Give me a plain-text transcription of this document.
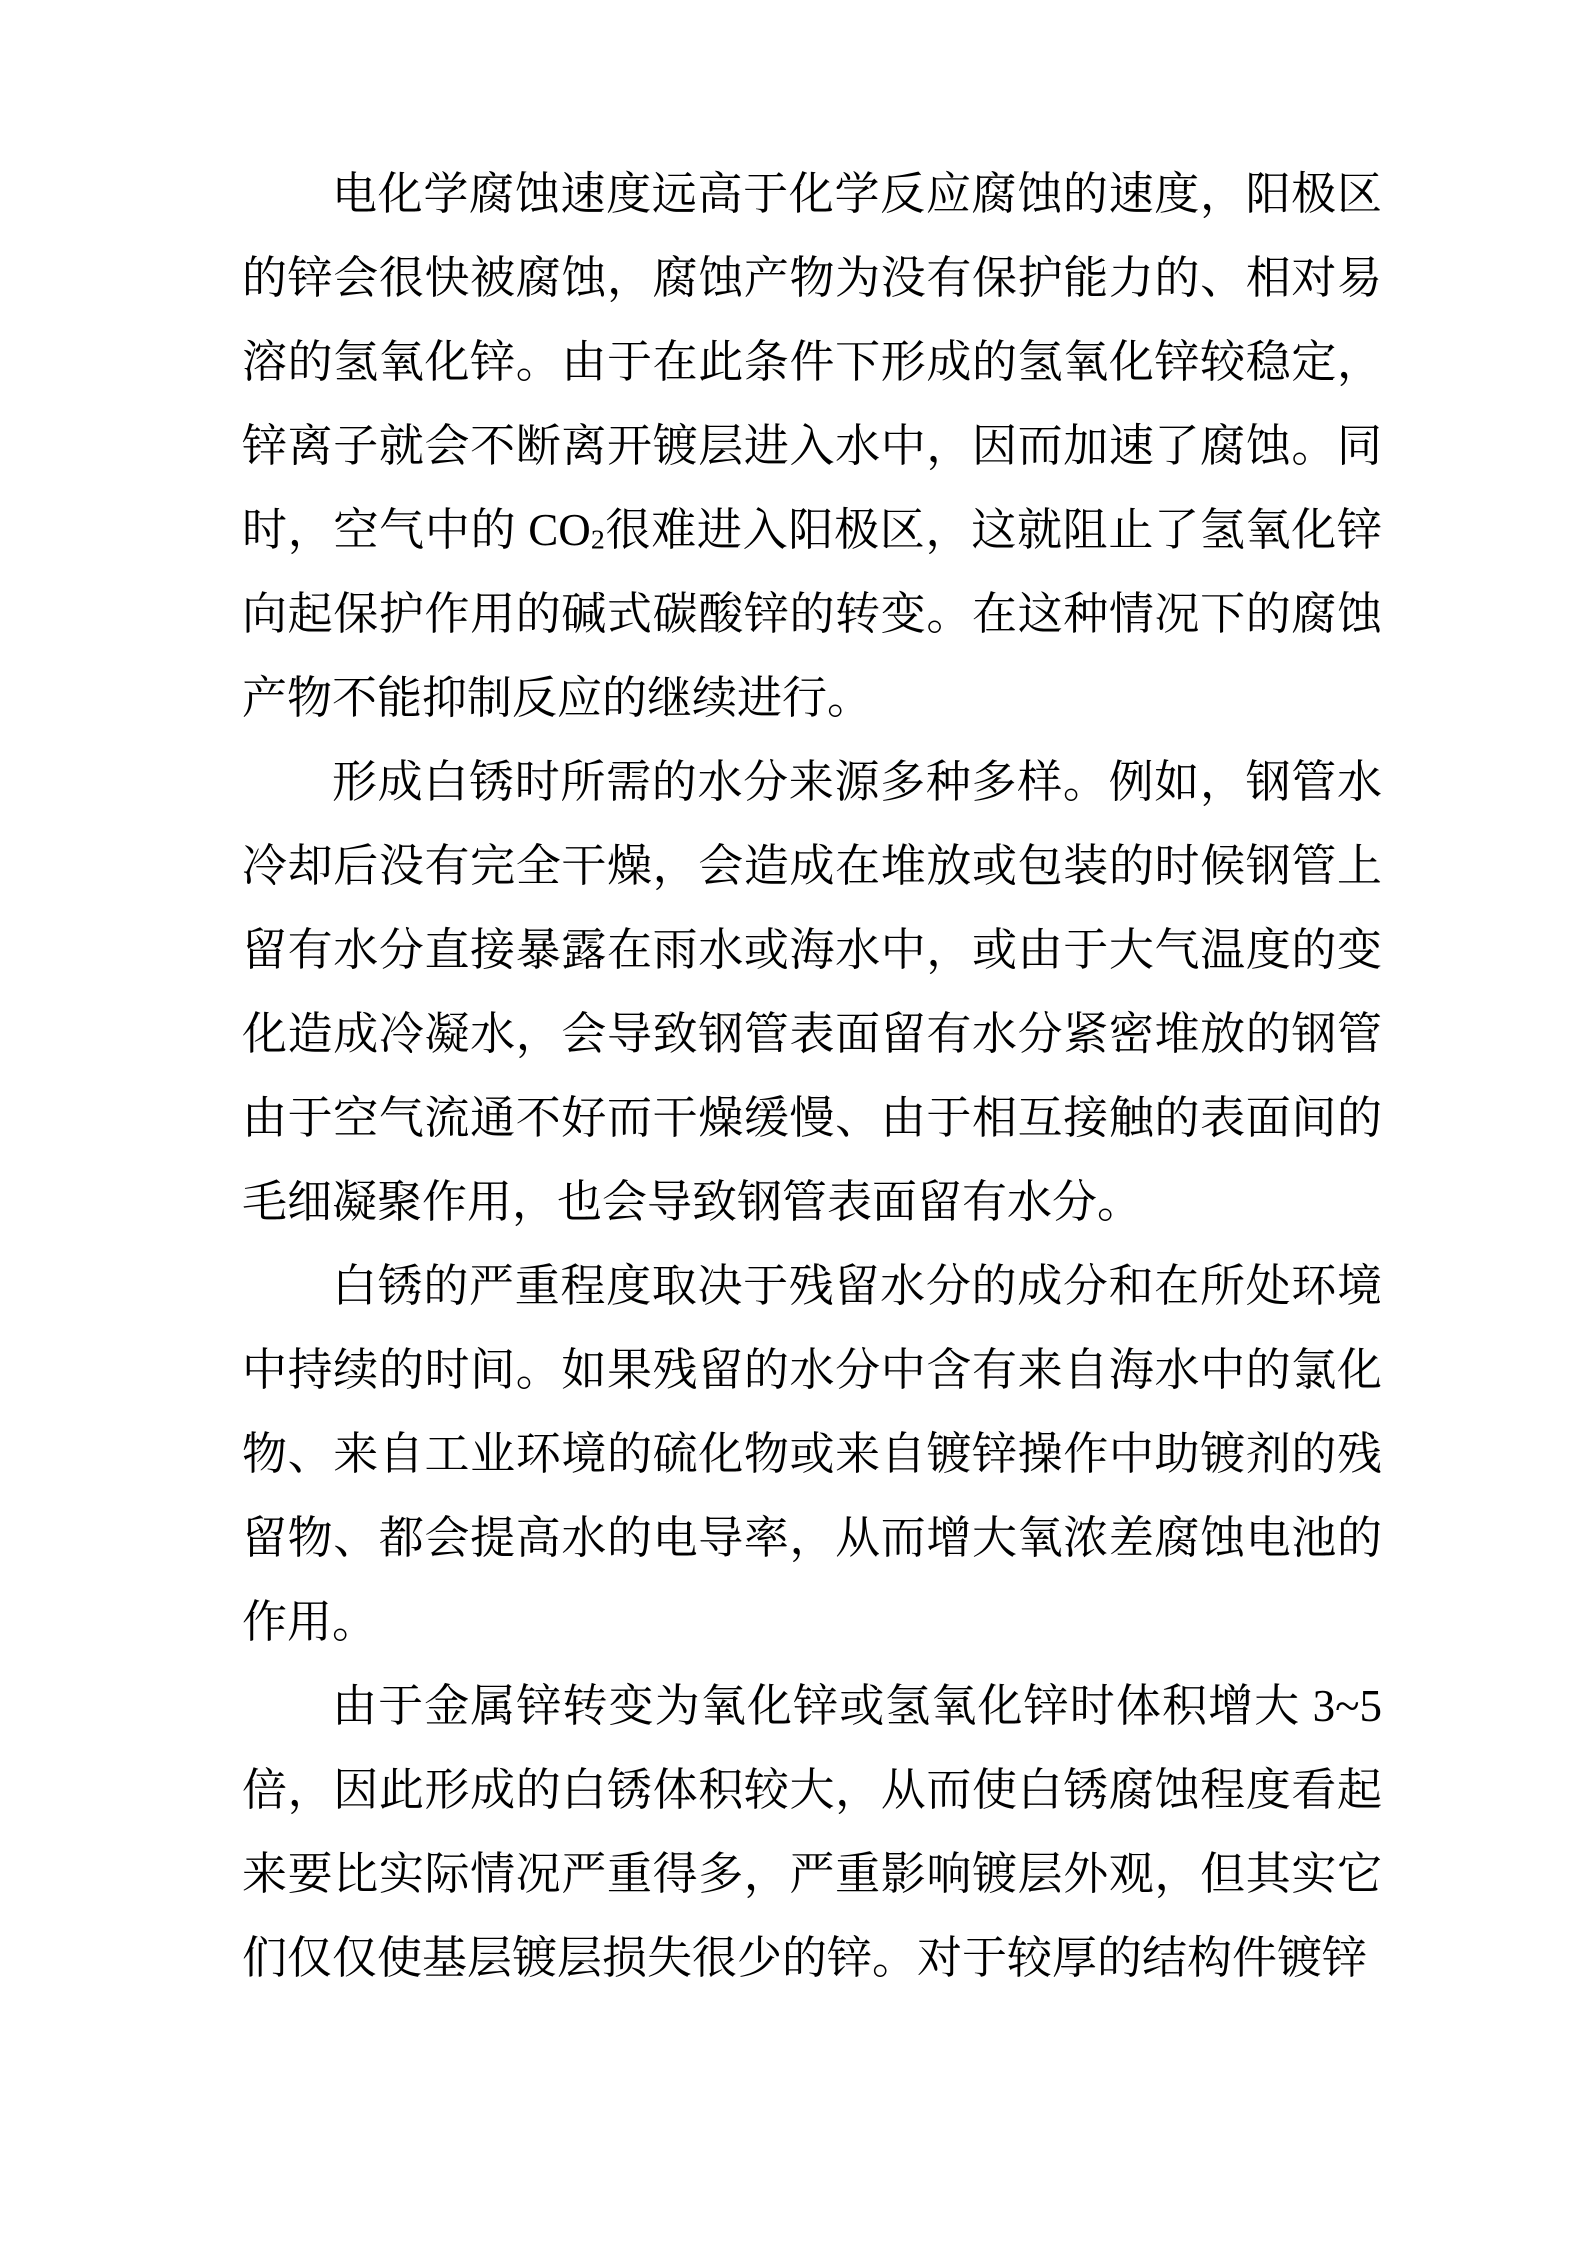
电化学腐蚀速度远高于化学反应腐蚀的速度，阳极区的锌会很快被腐蚀，腐蚀产物为没有保护能力的、相对易溶的氢氧化锌。由于在此条件下形成的氢氧化锌较稳定，锌离子就会不断离开镀层进入水中，因而加速了腐蚀。同时，空气中的 $CO_2$很难进入阳极区，这就阻止了氢氧化锌向起保护作用的碱式碳酸锌的转变。在这种情况下的腐蚀产物不能抑制反应的继续进行。

形成白锈时所需的水分来源多种多样。例如，钢管水冷却后没有完全干燥，会造成在堆放或包装的时候钢管上留有水分直接暴露在雨水或海水中，或由于大气温度的变化造成冷凝水，会导致钢管表面留有水分紧密堆放的钢管由于空气流通不好而干燥缓慢、由于相互接触的表面间的毛细凝聚作用，也会导致钢管表面留有水分。

白锈的严重程度取决于残留水分的成分和在所处环境中持续的时间。如果残留的水分中含有来自海水中的氯化物、来自工业环境的硫化物或来自镀锌操作中助镀剂的残留物、都会提高水的电导率，从而增大氧浓差腐蚀电池的作用。

由于金属锌转变为氧化锌或氢氧化锌时体积增大 3~5倍，因此形成的白锈体积较大，从而使白锈腐蚀程度看起来要比实际情况严重得多，严重影响镀层外观，但其实它们仅仅使基层镀层损失很少的锌。对于较厚的结构件镀锌
